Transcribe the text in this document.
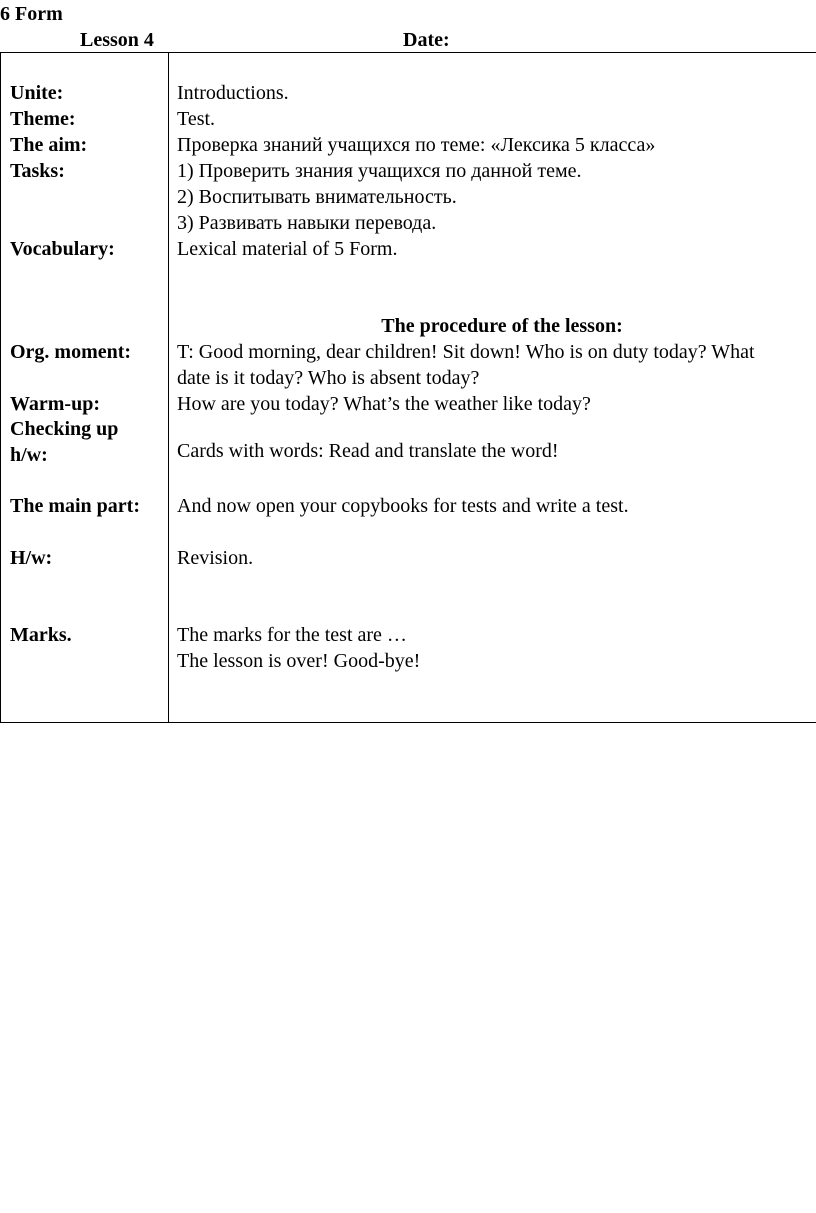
6 Form
Lesson 4	Date:
Unite:	Introductions.
Theme:	Test.
The aim:	Проверка знаний учащихся по теме: «Лексика 5 класса»
Tasks:	1) Проверить знания учащихся по данной теме.
2) Воспитывать внимательность.
3) Развивать навыки перевода.
Vocabulary:	Lexical material of 5 Form.
The procedure of the lesson:
Org. moment: T: Good morning, dear children! Sit down! Who is on duty today? What
date is it today? Who is absent today?
Warm-up:	How are you today? What’s the weather like today?
Checking up
h/w:	Cards with words: Read and translate the word!
The main part: And now open your copybooks for tests and write a test.
H/w:	Revision.
Marks.	The marks for the test are …
The lesson is over! Good-bye!
